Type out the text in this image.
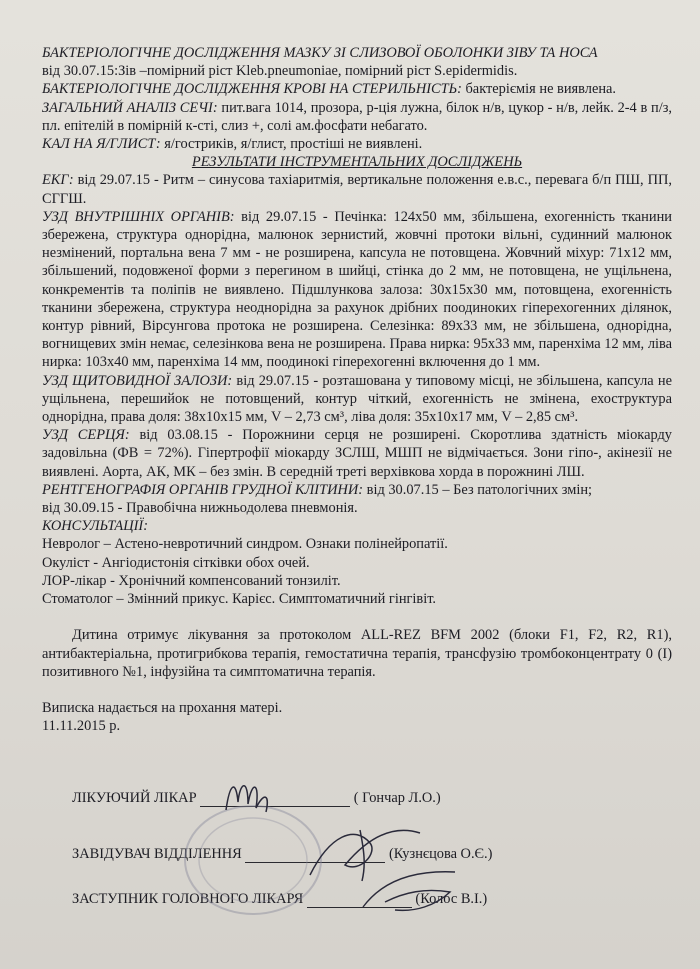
БАКТЕРІОЛОГІЧНЕ ДОСЛІДЖЕННЯ МАЗКУ ЗІ СЛИЗОВОЇ ОБОЛОНКИ ЗІВУ ТА НОСА

від 30.07.15:Зів –помірний ріст Kleb.pneumoniae, помірний ріст S.epidermidis.

БАКТЕРІОЛОГІЧНЕ ДОСЛІДЖЕННЯ КРОВІ НА СТЕРИЛЬНІСТЬ: бактеріємія не виявлена.

ЗАГАЛЬНИЙ АНАЛІЗ СЕЧІ: пит.вага 1014, прозора, р-ція лужна, білок н/в, цукор - н/в, лейк. 2-4 в п/з, пл. епітелій в помірній к-сті, слиз +, солі ам.фосфати небагато.

КАЛ НА Я/ГЛИСТ: я/гостриків, я/глист, простіші не виявлені.

РЕЗУЛЬТАТИ ІНСТРУМЕНТАЛЬНИХ ДОСЛІДЖЕНЬ

ЕКГ: від 29.07.15 - Ритм – синусова тахіаритмія, вертикальне положення е.в.с., перевага б/п ПШ, ПП, СГГШ.

УЗД ВНУТРІШНІХ ОРГАНІВ: від 29.07.15 - Печінка: 124х50 мм, збільшена, ехогенність тканини збережена, структура однорідна, малюнок зернистий, жовчні протоки вільні, судинний малюнок незмінений, портальна вена 7 мм - не розширена, капсула не потовщена. Жовчний міхур: 71х12 мм, збільшений, подовженої форми з перегином в шийці, стінка до 2 мм, не потовщена, не ущільнена, конкрементів та поліпів не виявлено. Підшлункова залоза: 30х15х30 мм, потовщена, ехогенність тканини збережена, структура неоднорідна за рахунок дрібних поодиноких гіперехогенних ділянок, контур рівний, Вірсунгова протока не розширена. Селезінка: 89х33 мм, не збільшена, однорідна, вогнищевих змін немає, селезінкова вена не розширена. Права нирка: 95х33 мм, паренхіма 12 мм, ліва нирка: 103х40 мм, паренхіма 14 мм, поодинокі гіперехогенні включення до 1 мм.

УЗД ЩИТОВИДНОЇ ЗАЛОЗИ: від 29.07.15 - розташована у типовому місці, не збільшена, капсула не ущільнена, перешийок не потовщений, контур чіткий, ехогенність не змінена, ехоструктура однорідна, права доля: 38х10х15 мм, V – 2,73 см³, ліва доля: 35х10х17 мм, V – 2,85 см³.

УЗД СЕРЦЯ: від 03.08.15 - Порожнини серця не розширені. Скоротлива здатність міокарду задовільна (ФВ = 72%). Гіпертрофії міокарду ЗСЛШ, МШП не відмічається. Зони гіпо-, акінезії не виявлені. Аорта, АК, МК – без змін. В середній треті верхівкова хорда в порожнині ЛШ.

РЕНТГЕНОГРАФІЯ ОРГАНІВ ГРУДНОЇ КЛІТИНИ: від 30.07.15 – Без патологічних змін;

від 30.09.15 - Правобічна нижньодолева пневмонія.

КОНСУЛЬТАЦІЇ:

Невролог – Астено-невротичний синдром. Ознаки полінейропатії.

Окуліст - Ангіодистонія сітківки обох очей.

ЛОР-лікар - Хронічний компенсований тонзиліт.

Стоматолог – Змінний прикус. Карієс. Симптоматичний гінгівіт.

Дитина отримує лікування за протоколом ALL-REZ BFM 2002 (блоки F1, F2, R2, R1), антибактеріальна, протигрибкова терапія, гемостатична терапія, трансфузію тромбоконцентрату 0 (І) позитивного №1, інфузійна та симптоматична терапія.

Виписка надається на прохання матері.

11.11.2015 р.

ЛІКУЮЧИЙ ЛІКАР	( Гончар Л.О.)
ЗАВІДУВАЧ ВІДДІЛЕННЯ	(Кузнєцова О.Є.)
ЗАСТУПНИК ГОЛОВНОГО ЛІКАРЯ	(Колос В.І.)
